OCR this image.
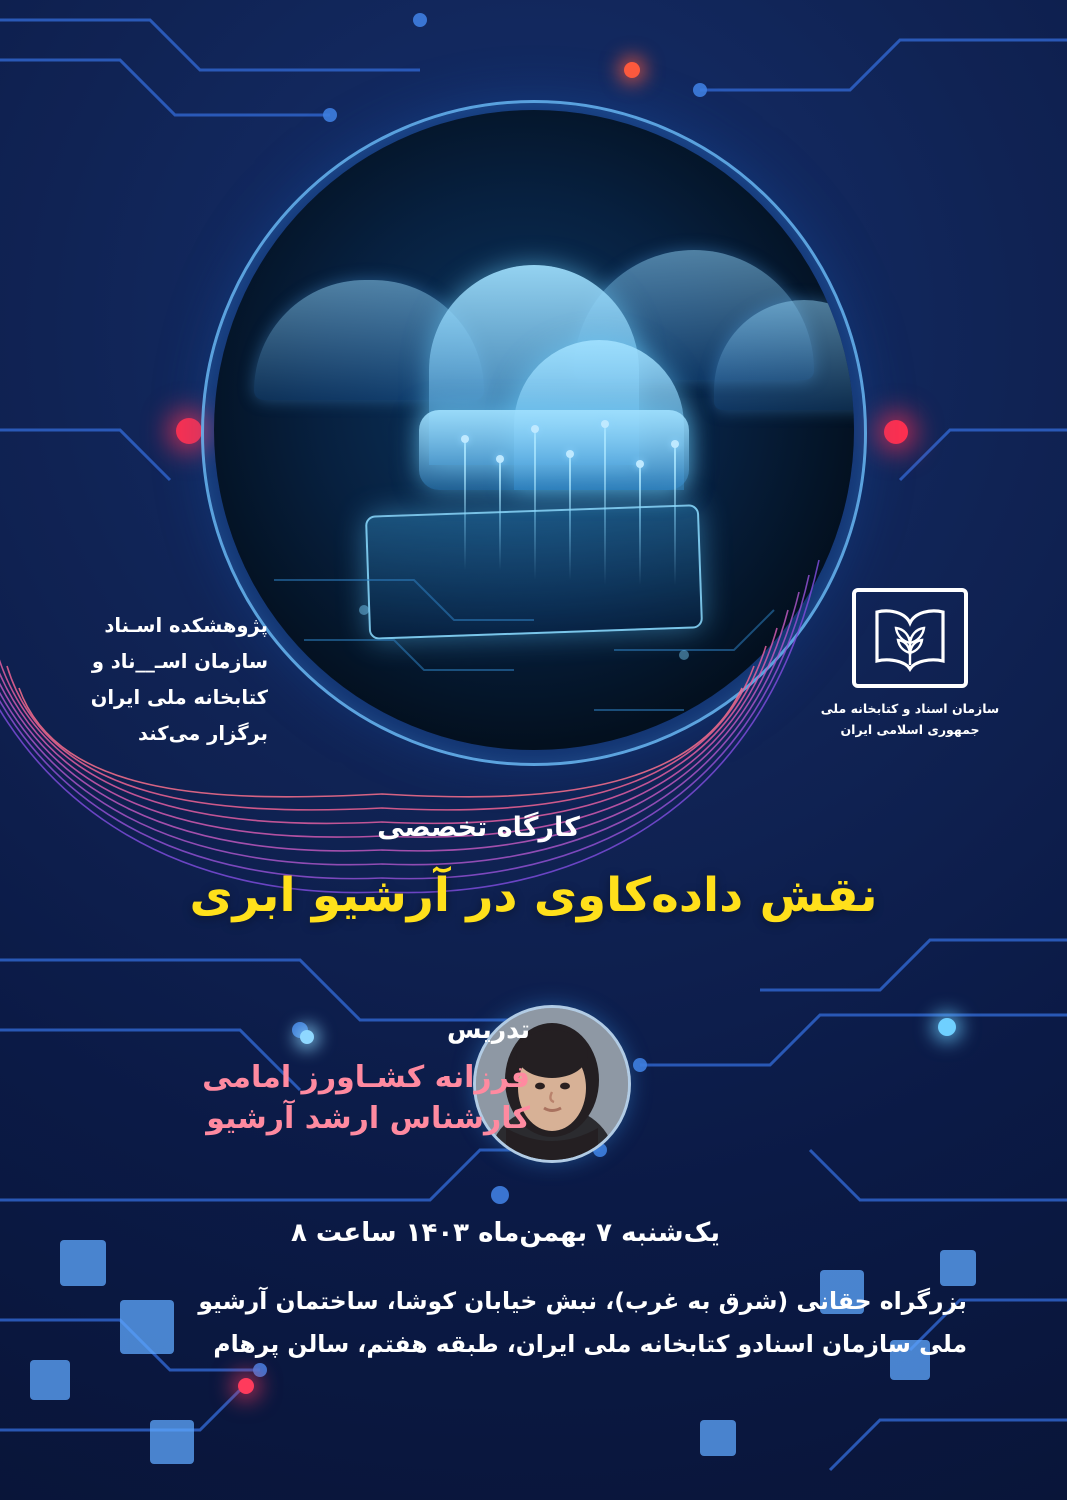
پژوهشکده اسـناد
سازمان اسـ__ناد و
کتابخانه ملی ایران
برگزار می‌کند
سازمان اسناد و کتابخانه ملی
جمهوری اسلامی ایران
کارگاه تخصصی
نقش داده‌کاوی در آرشیو ابری
تدریس
فرزانه کشـاورز امامی
کارشناس ارشد آرشیو
یک‌شنبه ۷ بهمن‌ماه ۱۴۰۳ ساعت ۸
بزرگراه حقانی (شرق به غرب)، نبش خیابان کوشا، ساختمان آرشیو
ملی سازمان اسنادو کتابخانه ملی ایران، طبقه هفتم، سالن پرهام
